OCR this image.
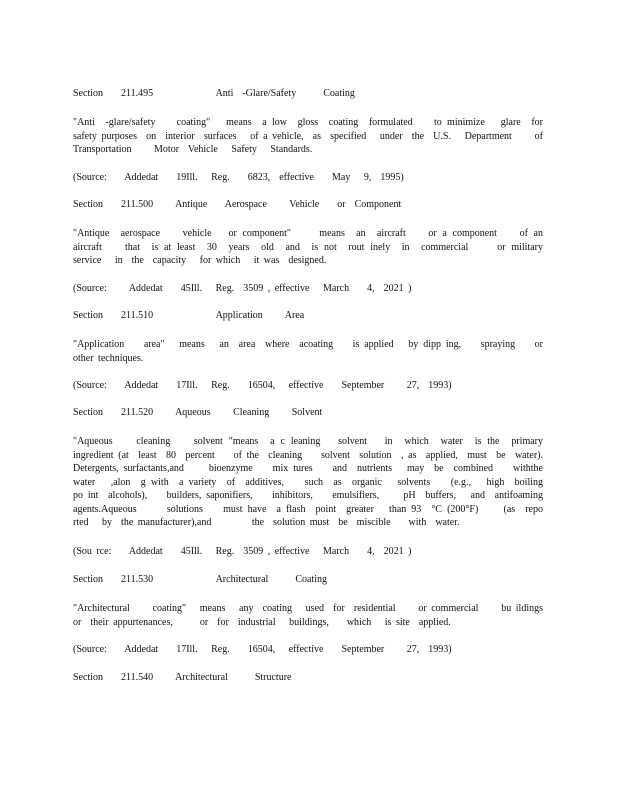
Section    211.495              Anti  -Glare/Safety      Coating

"Anti  -glare/safety    coating"   means  a low  gloss  coating  formulated    to minimize   glare  for  safety purposes  on  interior  surfaces   of a vehicle,  as  specified   under  the  U.S.   Department     of Transportation     Motor  Vehicle   Safety   Standards.

(Source:    Addedat    19Ill.   Reg.    6823,  effective    May   9,  1995)

Section    211.500     Antique    Aerospace     Vehicle    or  Component

"Antique  aerospace    vehicle   or component"     means  an  aircraft    or a component    of an  aircraft    that  is at least  30  years  old  and  is not  rout inely  in  commercial     or military   service   in  the  capacity   for which   it was  designed.

(Source:     Addedat    45Ill.   Reg.  3509 , effective   March    4,  2021 )

Section    211.510              Application     Area

"Application    area"   means   an  area  where  acoating    is applied   by dipp ing,    spraying    or  other techniques.

(Source:    Addedat    17Ill.   Reg.    16504,   effective    September     27,  1993)

Section    211.520     Aqueous     Cleaning     Solvent

"Aqueous    cleaning    solvent "means  a c leaning   solvent   in  which  water  is the  primary    ingredient (at  least  80  percent    of the  cleaning    solvent  solution  , as  applied,  must  be  water).    Detergents, surfactants,and     bioenzyme    mix tures    and  nutrients   may  be  combined    withthe   water   ,alon  g with  a variety  of  additives,    such  as  organic   solvents    (e.g.,   high  boiling   po int  alcohols),    builders, saponifiers,    inhibitors,    emulsifiers,     pH  buffers,   and  antifoaming     agents.Aqueous      solutions    must have  a flash  point  greater   than 93  °C (200°F)     (as  repo rted   by  the manufacturer),and         the  solution must  be  miscible    with  water.

(Sou rce:    Addedat    45Ill.   Reg.  3509 , effective   March    4,  2021 )

Section    211.530              Architectural      Coating

"Architectural     coating"   means   any  coating   used  for  residential     or commercial     bu ildings   or  their appurtenances,      or  for  industrial   buildings,    which   is site  applied.

(Source:    Addedat    17Ill.   Reg.    16504,   effective    September     27,  1993)

Section    211.540     Architectural      Structure
